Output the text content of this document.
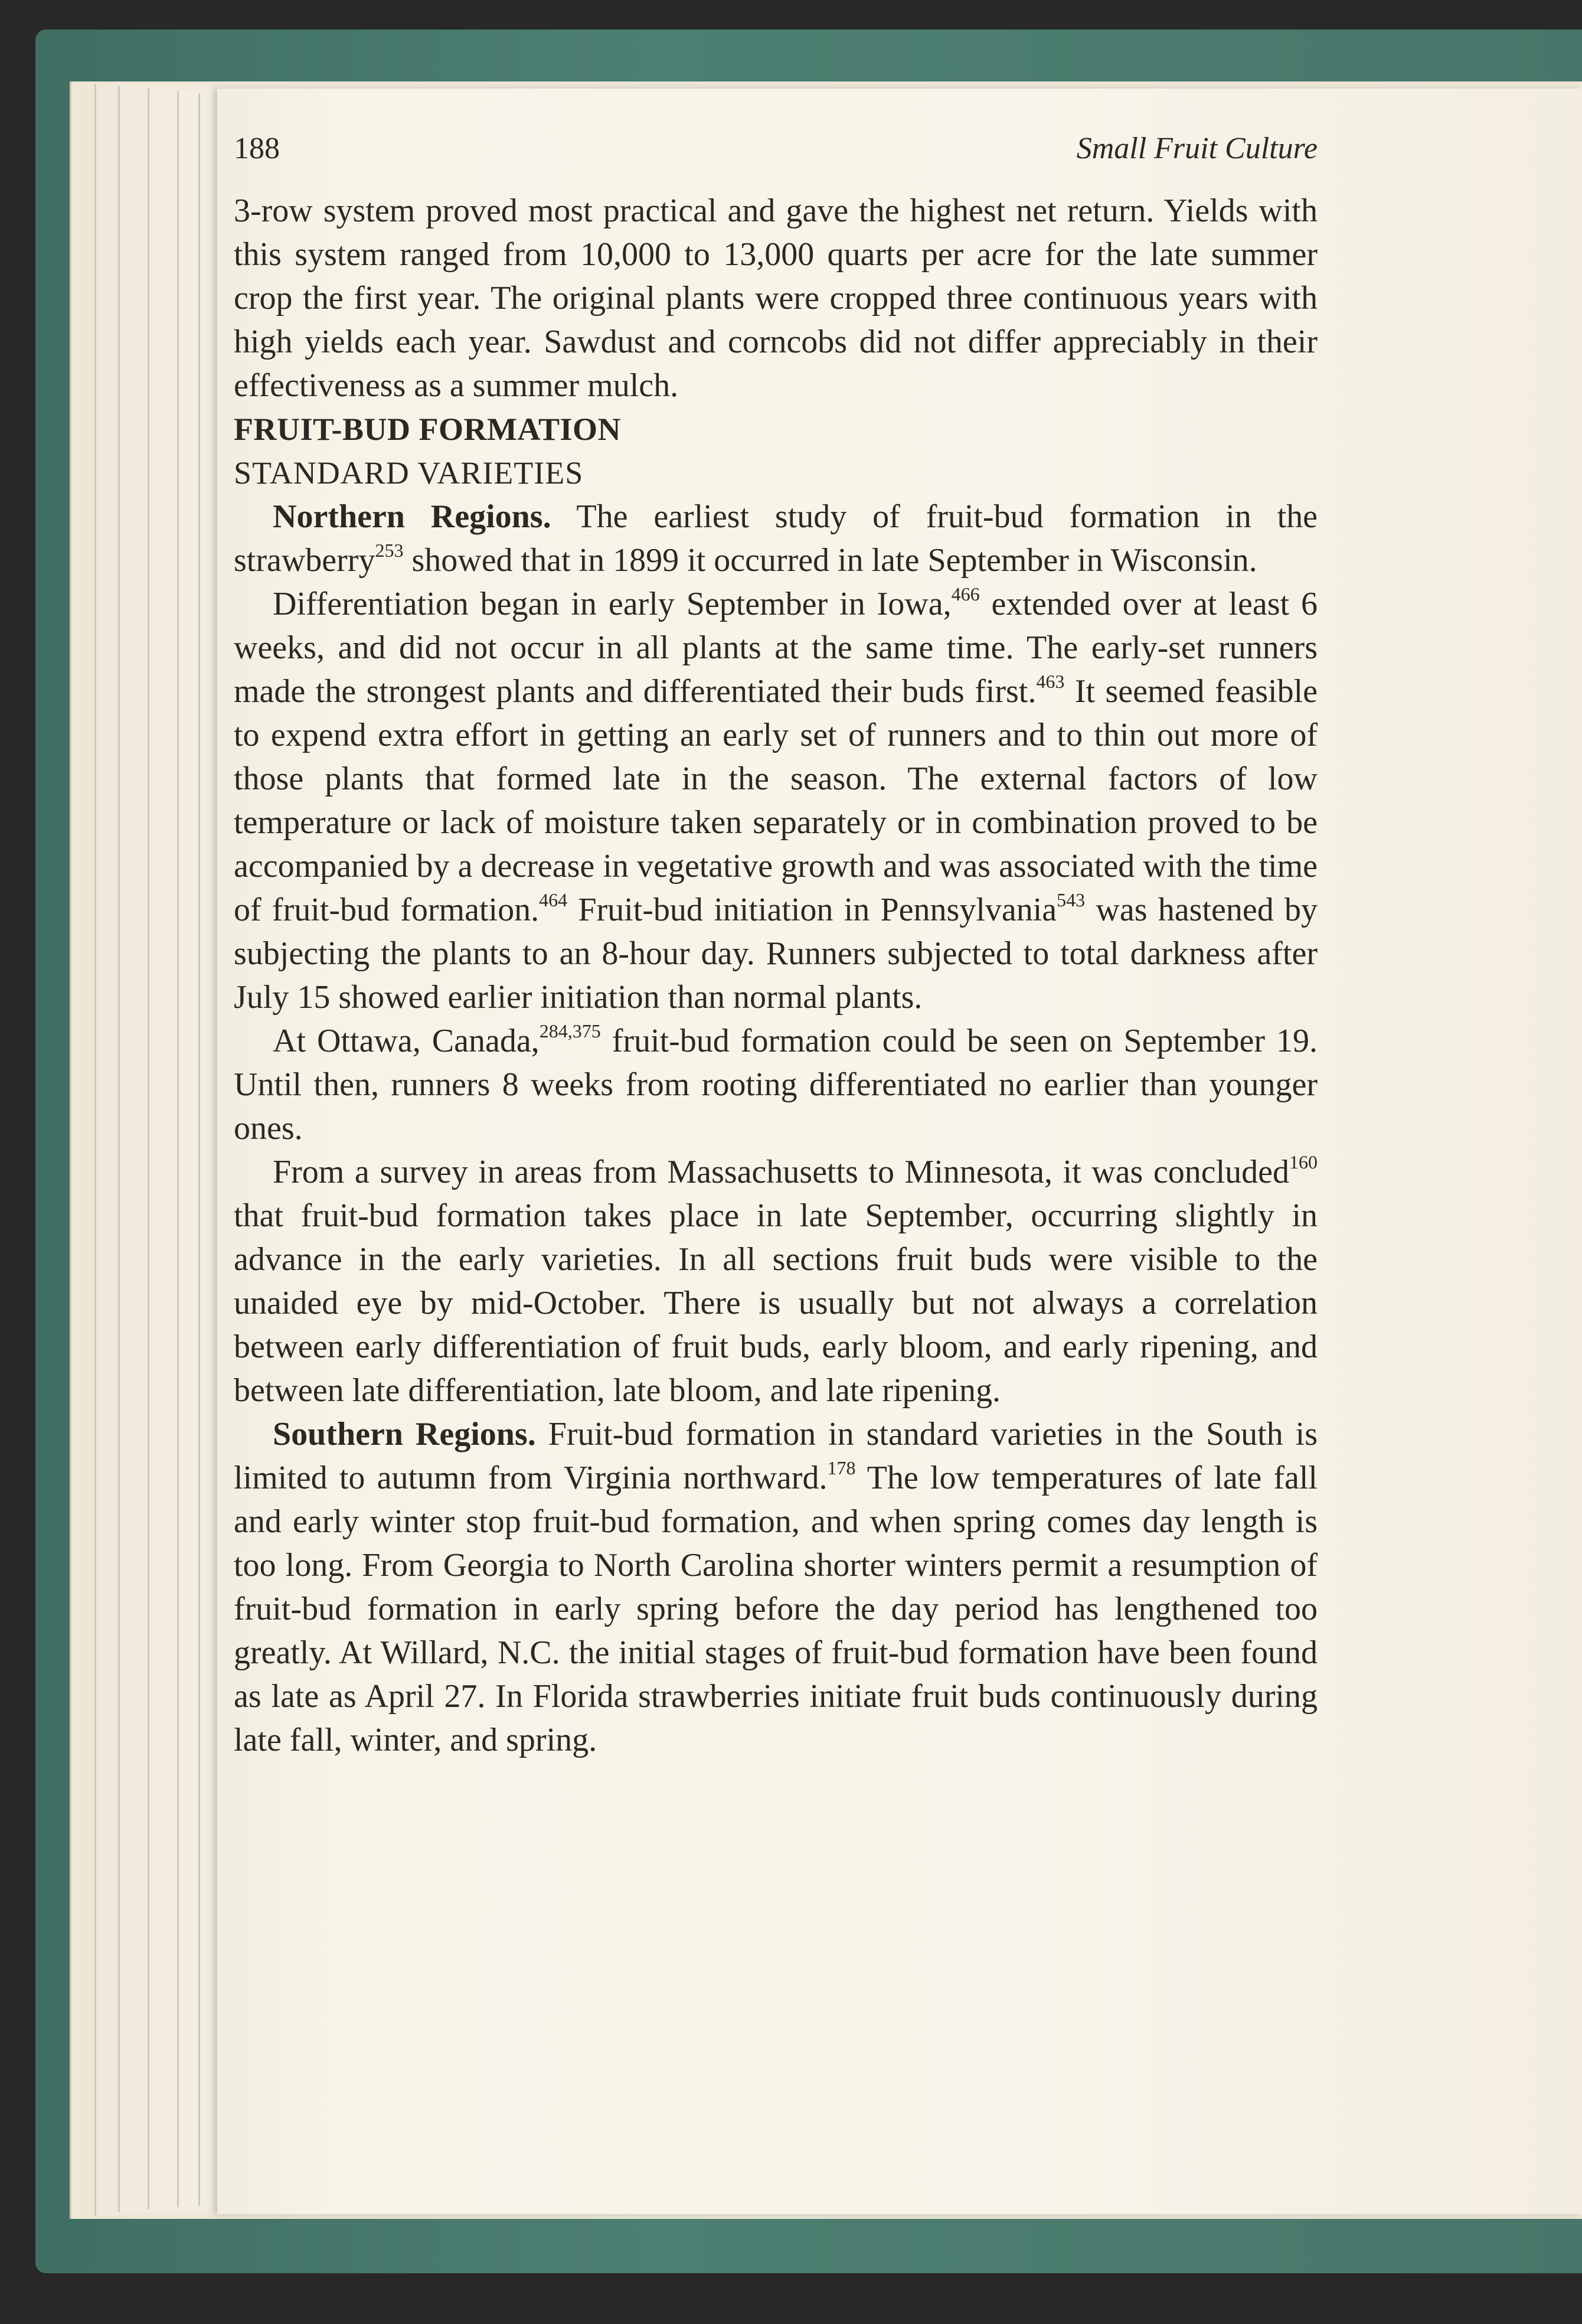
188	Small Fruit Culture

3-row system proved most practical and gave the highest net return. Yields with this system ranged from 10,000 to 13,000 quarts per acre for the late summer crop the first year. The original plants were cropped three continuous years with high yields each year. Sawdust and corncobs did not differ appreciably in their effectiveness as a summer mulch.

FRUIT-BUD FORMATION

STANDARD VARIETIES

Northern Regions. The earliest study of fruit-bud formation in the strawberry$^{253}$ showed that in 1899 it occurred in late September in Wisconsin.

Differentiation began in early September in Iowa,$^{466}$ extended over at least 6 weeks, and did not occur in all plants at the same time. The early-set runners made the strongest plants and differentiated their buds first.$^{463}$ It seemed feasible to expend extra effort in getting an early set of runners and to thin out more of those plants that formed late in the season. The external factors of low temperature or lack of moisture taken separately or in combination proved to be accompanied by a decrease in vegetative growth and was associated with the time of fruit-bud formation.$^{464}$ Fruit-bud initiation in Pennsylvania$^{543}$ was hastened by subjecting the plants to an 8-hour day. Runners subjected to total darkness after July 15 showed earlier initiation than normal plants.

At Ottawa, Canada,$^{284,375}$ fruit-bud formation could be seen on September 19. Until then, runners 8 weeks from rooting differentiated no earlier than younger ones.

From a survey in areas from Massachusetts to Minnesota, it was concluded$^{160}$ that fruit-bud formation takes place in late September, occurring slightly in advance in the early varieties. In all sections fruit buds were visible to the unaided eye by mid-October. There is usually but not always a correlation between early differentiation of fruit buds, early bloom, and early ripening, and between late differentiation, late bloom, and late ripening.

Southern Regions. Fruit-bud formation in standard varieties in the South is limited to autumn from Virginia northward.$^{178}$ The low temperatures of late fall and early winter stop fruit-bud formation, and when spring comes day length is too long. From Georgia to North Carolina shorter winters permit a resumption of fruit-bud formation in early spring before the day period has lengthened too greatly. At Willard, N.C. the initial stages of fruit-bud formation have been found as late as April 27. In Florida strawberries initiate fruit buds continuously during late fall, winter, and spring.
